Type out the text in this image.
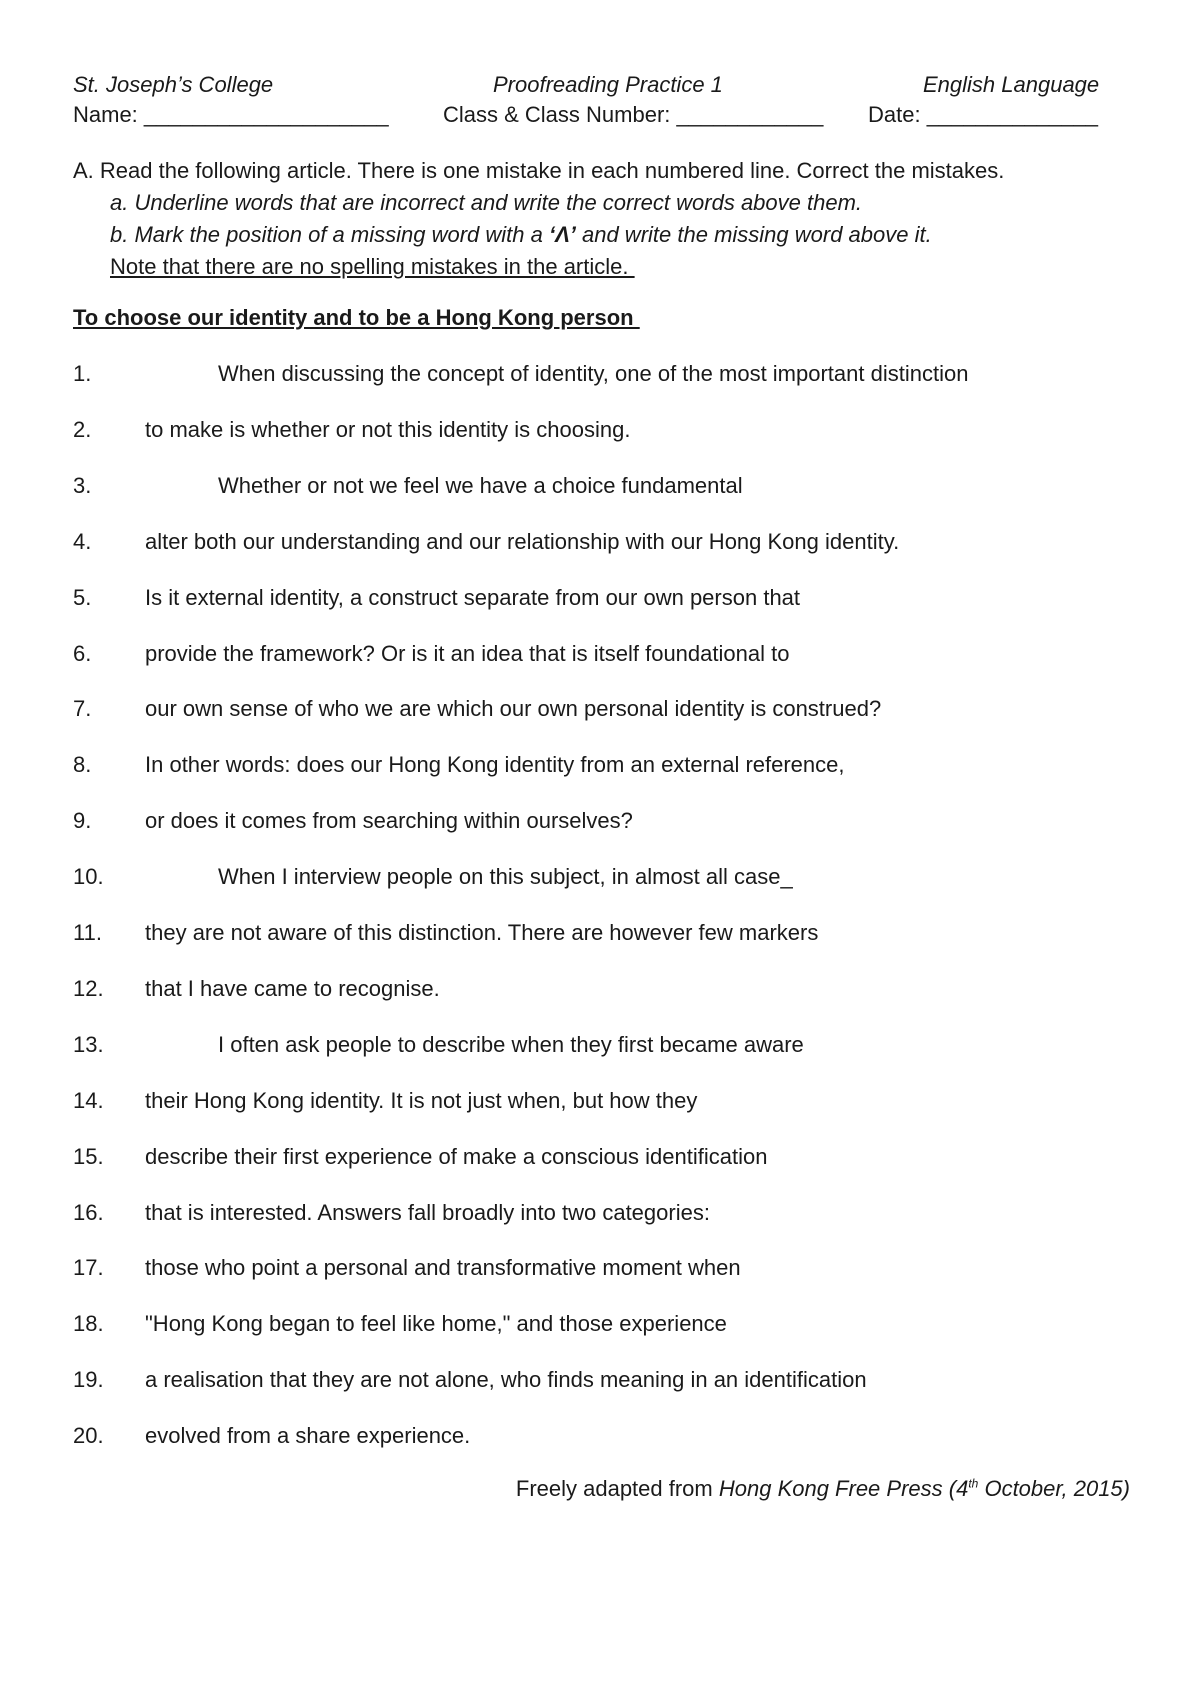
St. Joseph’s College	Proofreading Practice 1	English Language
Name: ____________________ Class & Class Number: ____________ Date: ______________
A. Read the following article. There is one mistake in each numbered line. Correct the mistakes.
a. Underline words that are incorrect and write the correct words above them.
b. Mark the position of a missing word with a ‘Λ’ and write the missing word above it.
Note that there are no spelling mistakes in the article.
To choose our identity and to be a Hong Kong person
1.	When discussing the concept of identity, one of the most important distinction
2. to make is whether or not this identity is choosing.
3.	Whether or not we feel we have a choice fundamental
4. alter both our understanding and our relationship with our Hong Kong identity.
5. Is it external identity, a construct separate from our own person that
6. provide the framework? Or is it an idea that is itself foundational to
7. our own sense of who we are which our own personal identity is construed?
8. In other words: does our Hong Kong identity from an external reference,
9. or does it comes from searching within ourselves?
10.	When I interview people on this subject, in almost all case_
11. they are not aware of this distinction. There are however few markers
12. that I have came to recognise.
13.	I often ask people to describe when they first became aware
14. their Hong Kong identity. It is not just when, but how they
15. describe their first experience of make a conscious identification
16. that is interested. Answers fall broadly into two categories:
17. those who point a personal and transformative moment when
18. "Hong Kong began to feel like home," and those experience
19. a realisation that they are not alone, who finds meaning in an identification
20. evolved from a share experience.
Freely adapted from Hong Kong Free Press (4th October, 2015)
